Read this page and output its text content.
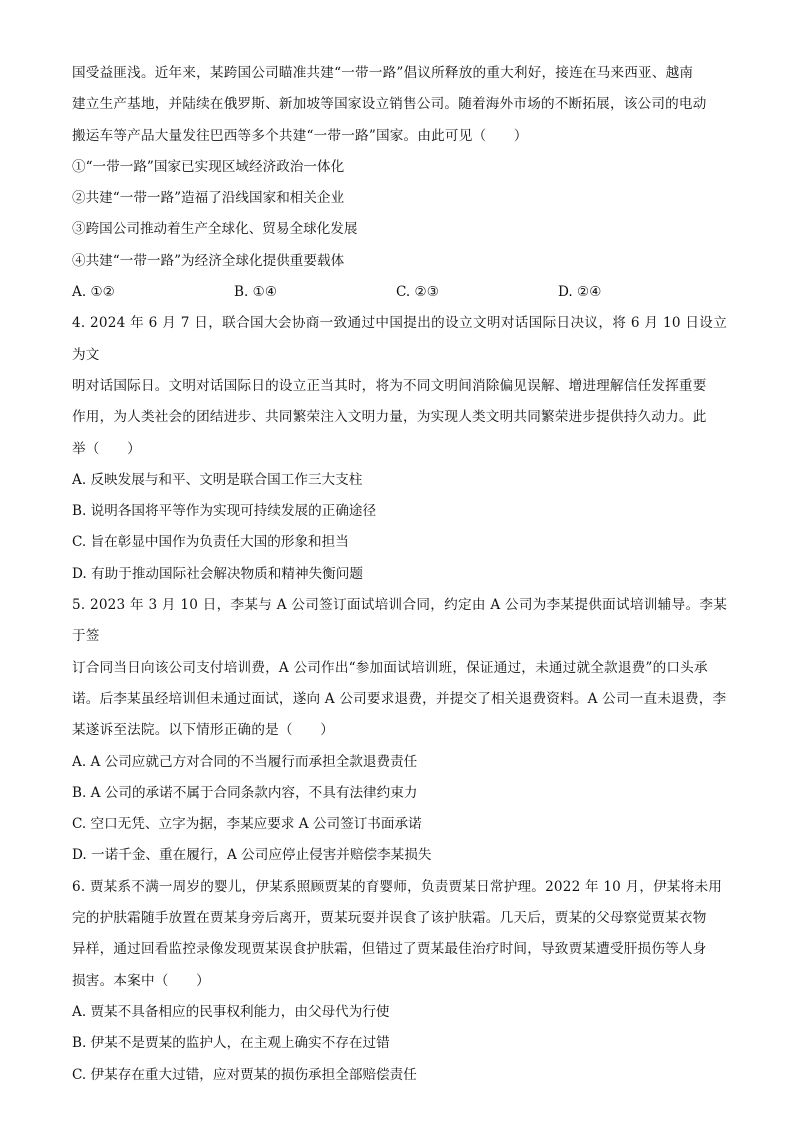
国受益匪浅。近年来，某跨国公司瞄准共建“一带一路”倡议所释放的重大利好，接连在马来西亚、越南

建立生产基地，并陆续在俄罗斯、新加坡等国家设立销售公司。随着海外市场的不断拓展，该公司的电动

搬运车等产品大量发往巴西等多个共建“一带一路”国家。由此可见（　　）

①“一带一路”国家已实现区域经济政治一体化

②共建“一带一路”造福了沿线国家和相关企业

③跨国公司推动着生产全球化、贸易全球化发展

④共建“一带一路”为经济全球化提供重要载体

A. ①②	B. ①④	C. ②③	D. ②④

4. 2024 年 6 月 7 日，联合国大会协商一致通过中国提出的设立文明对话国际日决议，将 6 月 10 日设立为文

明对话国际日。文明对话国际日的设立正当其时，将为不同文明间消除偏见误解、增进理解信任发挥重要

作用，为人类社会的团结进步、共同繁荣注入文明力量，为实现人类文明共同繁荣进步提供持久动力。此

举（　　）

A. 反映发展与和平、文明是联合国工作三大支柱

B. 说明各国将平等作为实现可持续发展的正确途径

C. 旨在彰显中国作为负责任大国的形象和担当

D. 有助于推动国际社会解决物质和精神失衡问题

5. 2023 年 3 月 10 日，李某与 A 公司签订面试培训合同，约定由 A 公司为李某提供面试培训辅导。李某于签

订合同当日向该公司支付培训费，A 公司作出“参加面试培训班，保证通过，未通过就全款退费”的口头承

诺。后李某虽经培训但未通过面试，遂向 A 公司要求退费，并提交了相关退费资料。A 公司一直未退费，李

某遂诉至法院。以下情形正确的是（　　）

A. A 公司应就己方对合同的不当履行而承担全款退费责任

B. A 公司的承诺不属于合同条款内容，不具有法律约束力

C. 空口无凭、立字为据，李某应要求 A 公司签订书面承诺

D. 一诺千金、重在履行，A 公司应停止侵害并赔偿李某损失

6. 贾某系不满一周岁的婴儿，伊某系照顾贾某的育婴师，负责贾某日常护理。2022 年 10 月，伊某将未用

完的护肤霜随手放置在贾某身旁后离开，贾某玩耍并误食了该护肤霜。几天后，贾某的父母察觉贾某衣物

异样，通过回看监控录像发现贾某误食护肤霜，但错过了贾某最佳治疗时间，导致贾某遭受肝损伤等人身

损害。本案中（　　）

A. 贾某不具备相应的民事权利能力，由父母代为行使

B. 伊某不是贾某的监护人，在主观上确实不存在过错

C. 伊某存在重大过错，应对贾某的损伤承担全部赔偿责任
